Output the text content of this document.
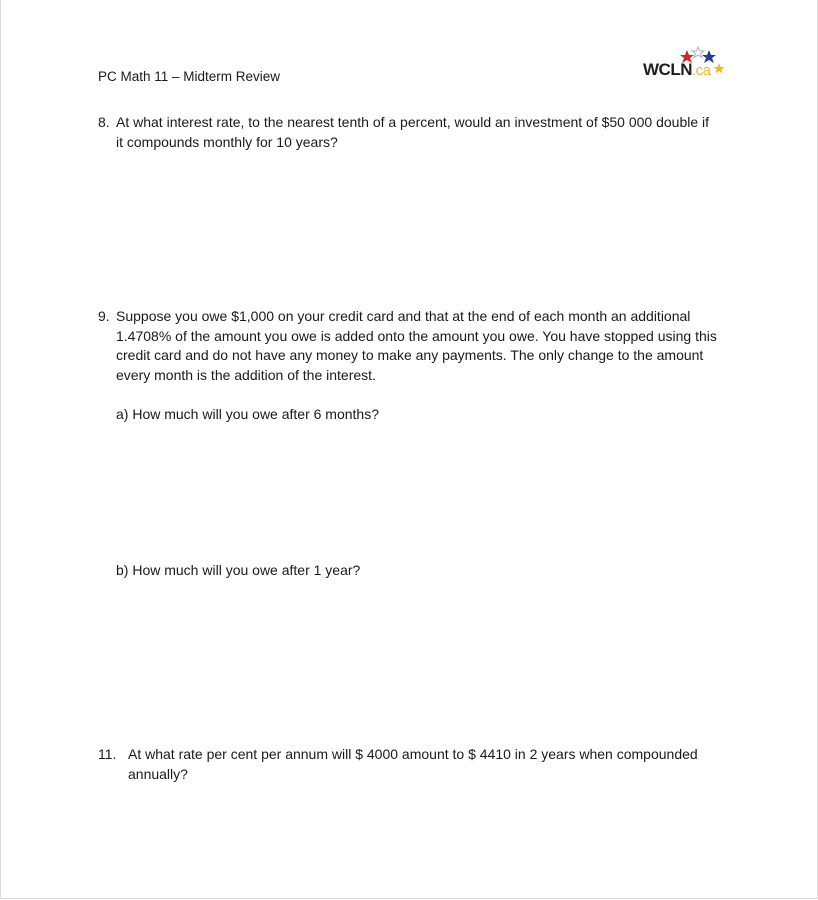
PC Math 11 – Midterm Review	WCLN.ca
8. At what interest rate, to the nearest tenth of a percent, would an investment of $50 000 double if it compounds monthly for 10 years?
9. Suppose you owe $1,000 on your credit card and that at the end of each month an additional 1.4708% of the amount you owe is added onto the amount you owe. You have stopped using this credit card and do not have any money to make any payments. The only change to the amount every month is the addition of the interest.
a) How much will you owe after 6 months?
b) How much will you owe after 1 year?
11. At what rate per cent per annum will $ 4000 amount to $ 4410 in 2 years when compounded annually?
